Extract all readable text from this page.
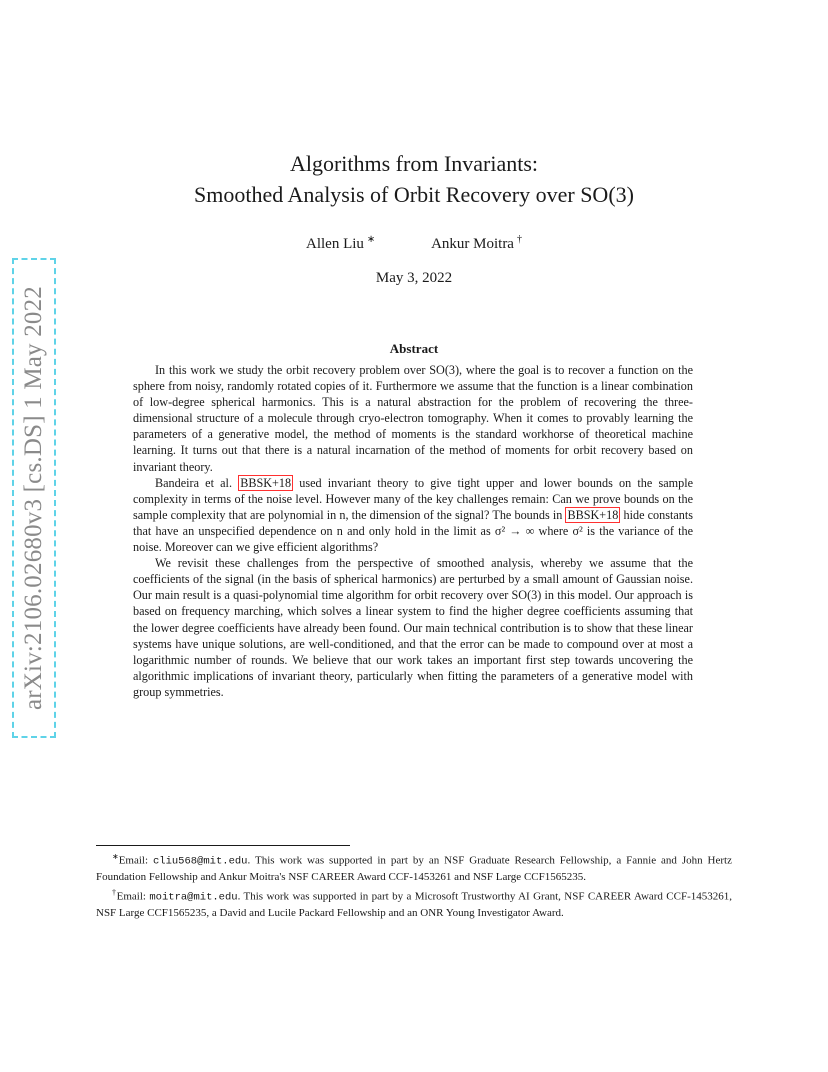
arXiv:2106.02680v3 [cs.DS] 1 May 2022
Algorithms from Invariants:
Smoothed Analysis of Orbit Recovery over SO(3)
Allen Liu ∗	Ankur Moitra †
May 3, 2022
Abstract

In this work we study the orbit recovery problem over SO(3), where the goal is to recover a function on the sphere from noisy, randomly rotated copies of it. Furthermore we assume that the function is a linear combination of low-degree spherical harmonics. This is a natural abstraction for the problem of recovering the three-dimensional structure of a molecule through cryo-electron tomography. When it comes to provably learning the parameters of a generative model, the method of moments is the standard workhorse of theoretical machine learning. It turns out that there is a natural incarnation of the method of moments for orbit recovery based on invariant theory.

Bandeira et al. BBSK+18 used invariant theory to give tight upper and lower bounds on the sample complexity in terms of the noise level. However many of the key challenges remain: Can we prove bounds on the sample complexity that are polynomial in n, the dimension of the signal? The bounds in BBSK+18 hide constants that have an unspecified dependence on n and only hold in the limit as σ² → ∞ where σ² is the variance of the noise. Moreover can we give efficient algorithms?

We revisit these challenges from the perspective of smoothed analysis, whereby we assume that the coefficients of the signal (in the basis of spherical harmonics) are perturbed by a small amount of Gaussian noise. Our main result is a quasi-polynomial time algorithm for orbit recovery over SO(3) in this model. Our approach is based on frequency marching, which solves a linear system to find the higher degree coefficients assuming that the lower degree coefficients have already been found. Our main technical contribution is to show that these linear systems have unique solutions, are well-conditioned, and that the error can be made to compound over at most a logarithmic number of rounds. We believe that our work takes an important first step towards uncovering the algorithmic implications of invariant theory, particularly when fitting the parameters of a generative model with group symmetries.

∗Email: cliu568@mit.edu. This work was supported in part by an NSF Graduate Research Fellowship, a Fannie and John Hertz Foundation Fellowship and Ankur Moitra's NSF CAREER Award CCF-1453261 and NSF Large CCF1565235.

†Email: moitra@mit.edu. This work was supported in part by a Microsoft Trustworthy AI Grant, NSF CAREER Award CCF-1453261, NSF Large CCF1565235, a David and Lucile Packard Fellowship and an ONR Young Investigator Award.
